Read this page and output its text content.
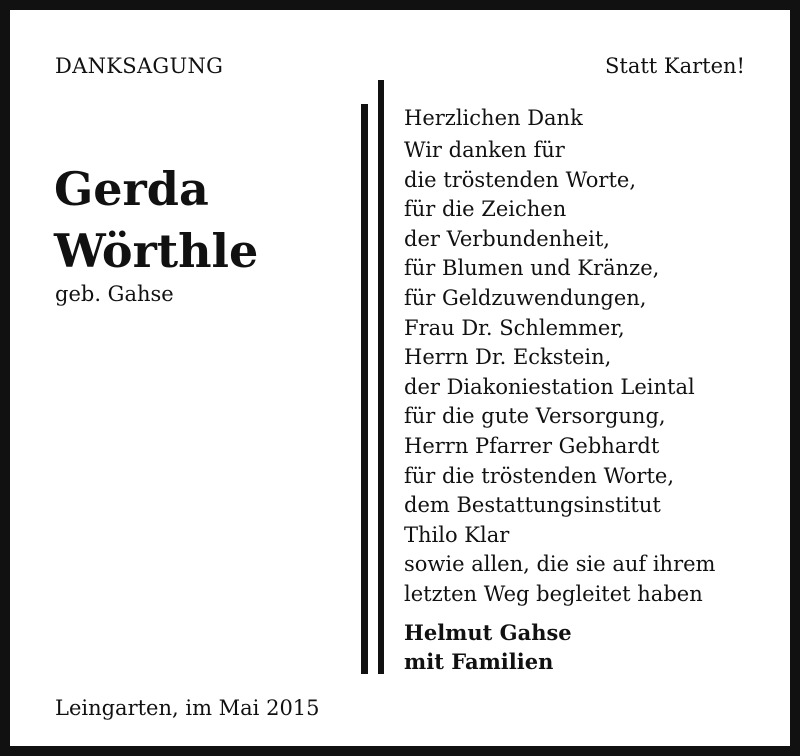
DANKSAGUNG	Statt Karten!
Gerda
Wörthle
geb. Gahse
Herzlichen Dank
Wir danken für
die tröstenden Worte,
für die Zeichen
der Verbundenheit,
für Blumen und Kränze,
für Geldzuwendungen,
Frau Dr. Schlemmer,
Herrn Dr. Eckstein,
der Diakoniestation Leintal
für die gute Versorgung,
Herrn Pfarrer Gebhardt
für die tröstenden Worte,
dem Bestattungsinstitut
Thilo Klar
sowie allen, die sie auf ihrem
letzten Weg begleitet haben
Helmut Gahse
mit Familien
Leingarten, im Mai 2015
